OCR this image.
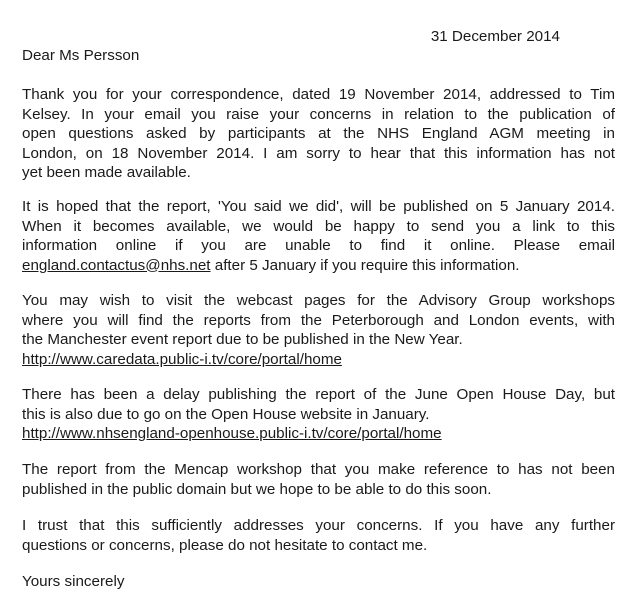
31 December 2014
Dear Ms Persson

Thank you for your correspondence, dated 19 November 2014, addressed to Tim
Kelsey. In your email you raise your concerns in relation to the publication of
open questions asked by participants at the NHS England AGM meeting in
London, on 18 November 2014. I am sorry to hear that this information has not
yet been made available.

It is hoped that the report, 'You said we did', will be published on 5 January 2014.
When it becomes available, we would be happy to send you a link to this
information online if you are unable to find it online. Please email
england.contactus@nhs.net after 5 January if you require this information.

You may wish to visit the webcast pages for the Advisory Group workshops
where you will find the reports from the Peterborough and London events, with
the Manchester event report due to be published in the New Year.
http://www.caredata.public-i.tv/core/portal/home

There has been a delay publishing the report of the June Open House Day, but
this is also due to go on the Open House website in January.
http://www.nhsengland-openhouse.public-i.tv/core/portal/home

The report from the Mencap workshop that you make reference to has not been
published in the public domain but we hope to be able to do this soon.

I trust that this sufficiently addresses your concerns. If you have any further
questions or concerns, please do not hesitate to contact me.

Yours sincerely
